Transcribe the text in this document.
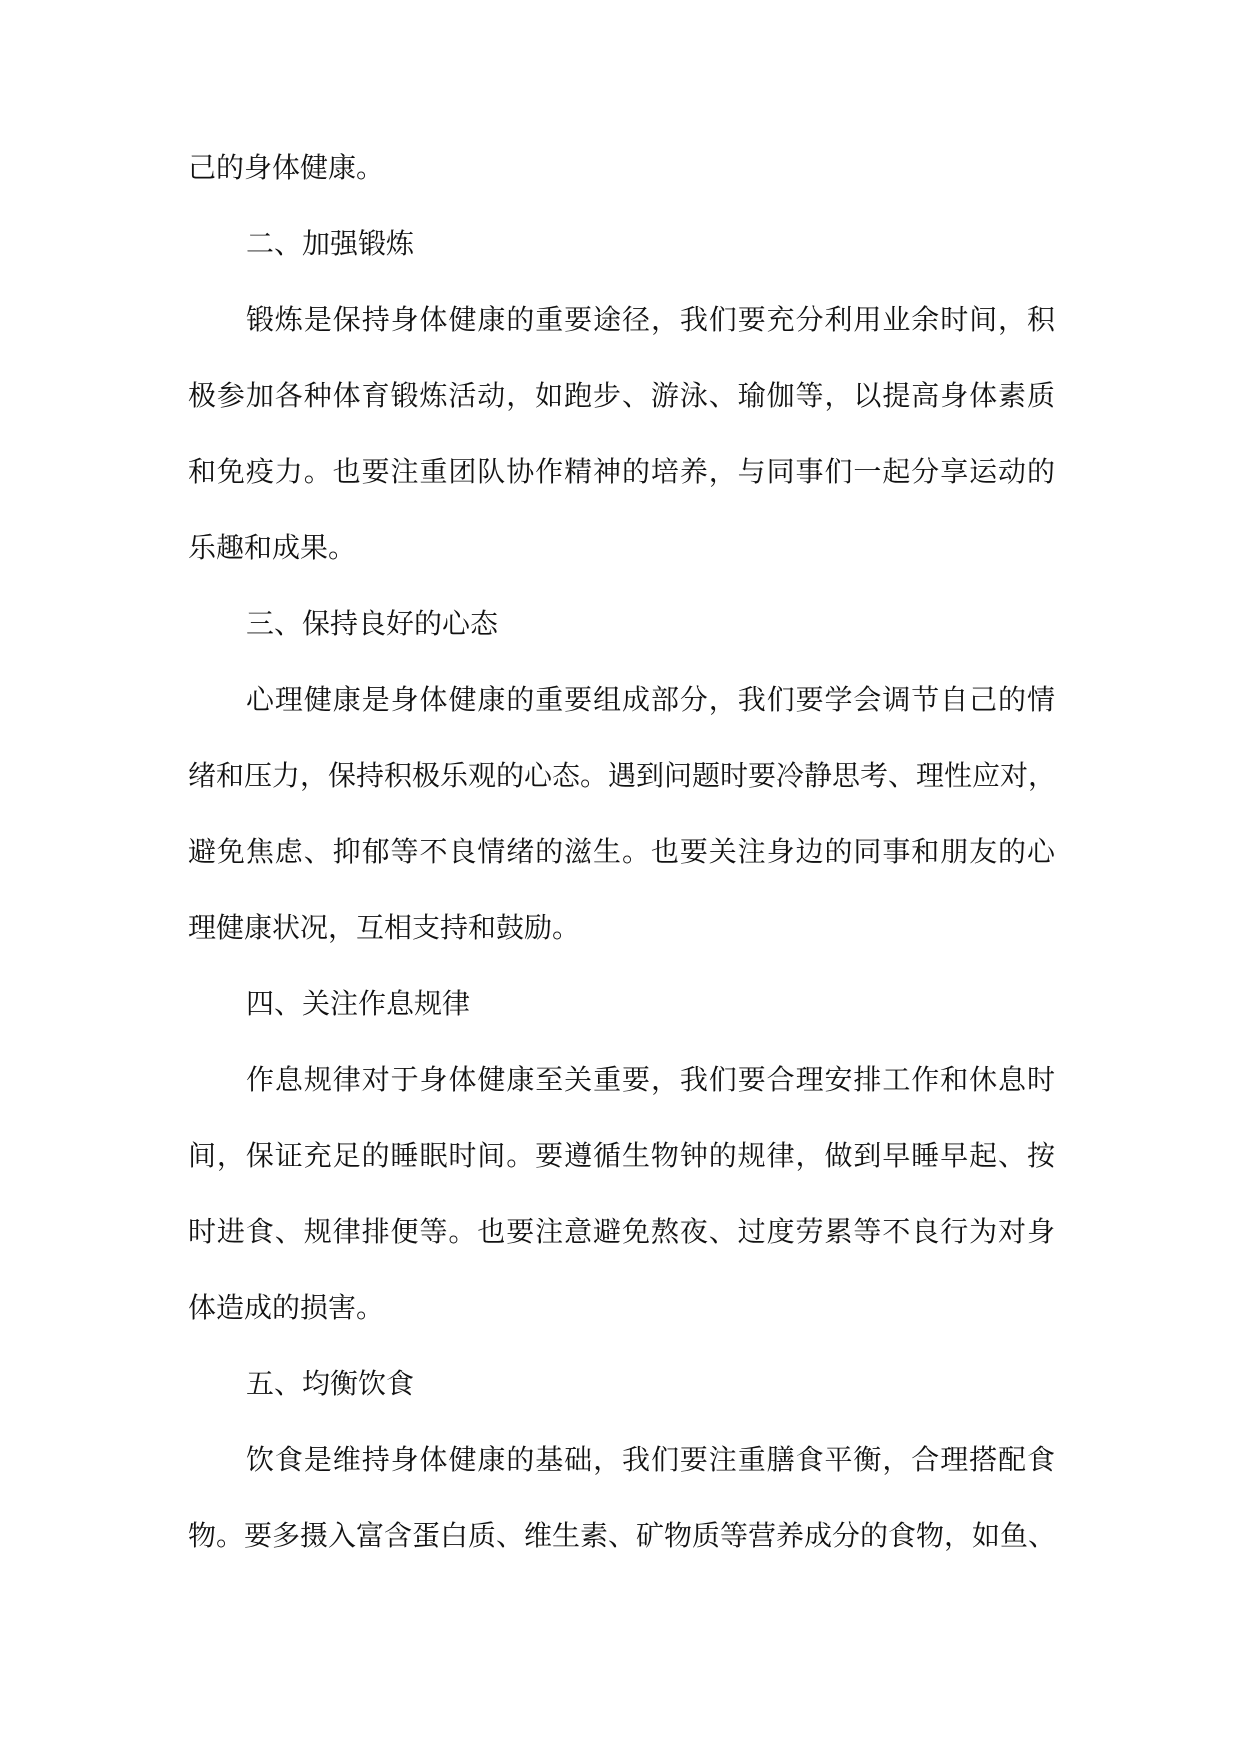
己的身体健康。
二、加强锻炼
锻炼是保持身体健康的重要途径，我们要充分利用业余时间，积
极参加各种体育锻炼活动，如跑步、游泳、瑜伽等，以提高身体素质
和免疫力。也要注重团队协作精神的培养，与同事们一起分享运动的
乐趣和成果。
三、保持良好的心态
心理健康是身体健康的重要组成部分，我们要学会调节自己的情
绪和压力，保持积极乐观的心态。遇到问题时要冷静思考、理性应对，
避免焦虑、抑郁等不良情绪的滋生。也要关注身边的同事和朋友的心
理健康状况，互相支持和鼓励。
四、关注作息规律
作息规律对于身体健康至关重要，我们要合理安排工作和休息时
间，保证充足的睡眠时间。要遵循生物钟的规律，做到早睡早起、按
时进食、规律排便等。也要注意避免熬夜、过度劳累等不良行为对身
体造成的损害。
五、均衡饮食
饮食是维持身体健康的基础，我们要注重膳食平衡，合理搭配食
物。要多摄入富含蛋白质、维生素、矿物质等营养成分的食物，如鱼、
